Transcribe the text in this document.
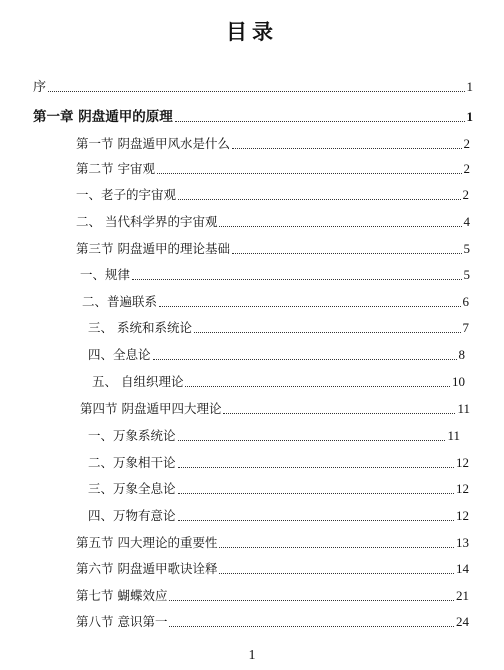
目录
序	1
第一章 阴盘遁甲的原理	1
第一节 阴盘遁甲风水是什么	2
第二节 宇宙观	2
一、老子的宇宙观	2
二、 当代科学界的宇宙观	4
第三节 阴盘遁甲的理论基础	5
一、规律	5
二、普遍联系	6
三、 系统和系统论	7
四、全息论	8
五、 自组织理论	10
第四节 阴盘遁甲四大理论	11
一、万象系统论	11
二、万象相干论	12
三、万象全息论	12
四、万物有意论	12
第五节 四大理论的重要性	13
第六节 阴盘遁甲歌诀诠释	14
第七节 蝴蝶效应	21
第八节 意识第一	24
1
